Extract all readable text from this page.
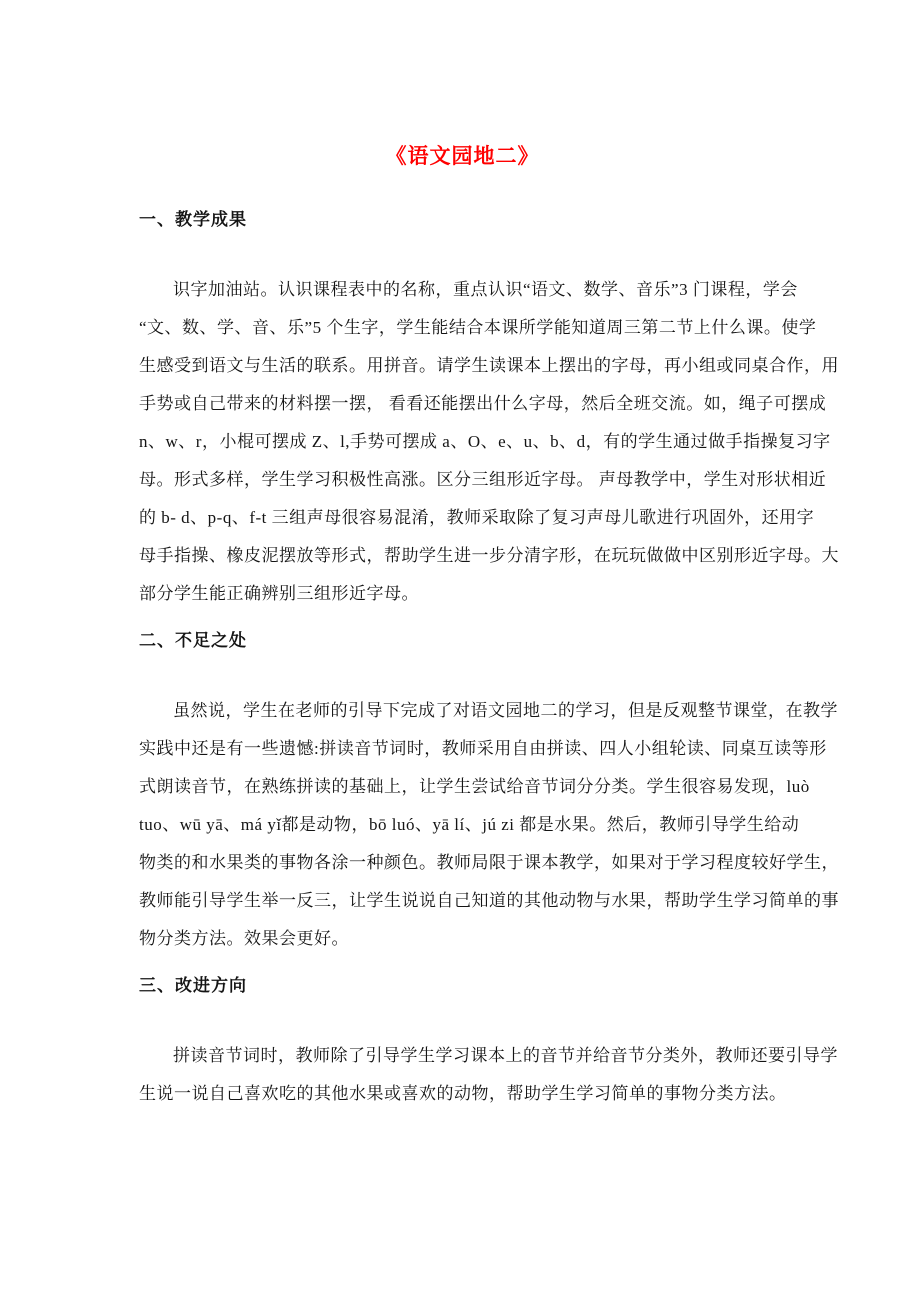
《语文园地二》
一、教学成果
识字加油站。认识课程表中的名称，重点认识“语文、数学、音乐”3 门课程，学会
“文、数、学、音、乐”5 个生字，学生能结合本课所学能知道周三第二节上什么课。使学
生感受到语文与生活的联系。用拼音。请学生读课本上摆出的字母，再小组或同桌合作，用
手势或自己带来的材料摆一摆， 看看还能摆出什么字母，然后全班交流。如，绳子可摆成
n、w、r，小棍可摆成 Z、l,手势可摆成 a、O、e、u、b、d，有的学生通过做手指操复习字
母。形式多样，学生学习积极性高涨。区分三组形近字母。 声母教学中，学生对形状相近
的 b- d、p-q、f-t 三组声母很容易混淆，教师采取除了复习声母儿歌进行巩固外，还用字
母手指操、橡皮泥摆放等形式，帮助学生进一步分清字形，在玩玩做做中区别形近字母。大
部分学生能正确辨别三组形近字母。
二、不足之处
虽然说，学生在老师的引导下完成了对语文园地二的学习，但是反观整节课堂，在教学
实践中还是有一些遗憾:拼读音节词时，教师采用自由拼读、四人小组轮读、同桌互读等形
式朗读音节，在熟练拼读的基础上，让学生尝试给音节词分分类。学生很容易发现，luò
tuo、wū yā、má yǐ都是动物，bō luó、yā lí、jú zi 都是水果。然后，教师引导学生给动
物类的和水果类的事物各涂一种颜色。教师局限于课本教学，如果对于学习程度较好学生，
教师能引导学生举一反三，让学生说说自己知道的其他动物与水果，帮助学生学习简单的事
物分类方法。效果会更好。
三、改进方向
拼读音节词时，教师除了引导学生学习课本上的音节并给音节分类外，教师还要引导学
生说一说自己喜欢吃的其他水果或喜欢的动物，帮助学生学习简单的事物分类方法。
